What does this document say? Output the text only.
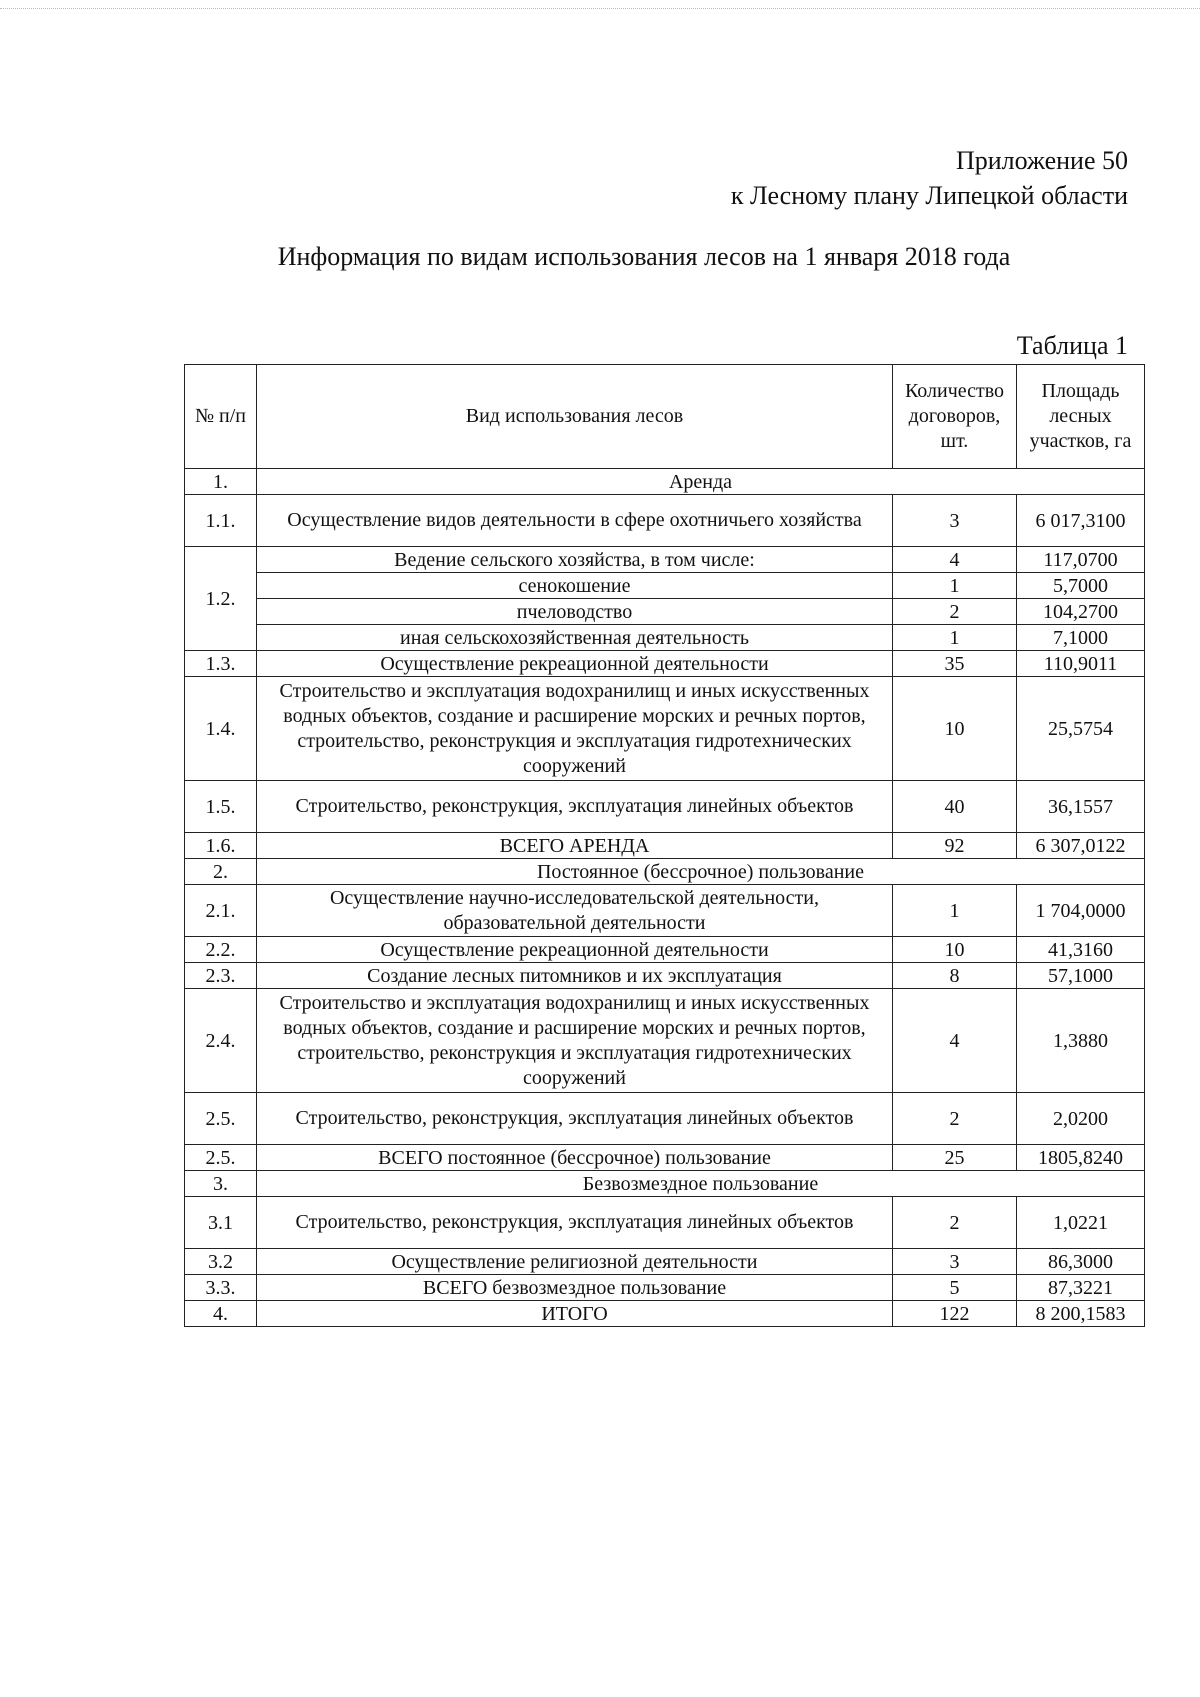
Приложение 50
к Лесному плану Липецкой области
Информация по видам использования лесов на 1 января 2018 года
Таблица 1
№ п/п	Вид использования лесов	Количество договоров, шт.	Площадь лесных участков, га
1.	Аренда		
1.1.	Осуществление видов деятельности в сфере охотничьего хозяйства	3	6 017,3100
1.2.	Ведение сельского хозяйства, в том числе:	4	117,0700
	сенокошение	1	5,7000
	пчеловодство	2	104,2700
	иная сельскохозяйственная деятельность	1	7,1000
1.3.	Осуществление рекреационной деятельности	35	110,9011
1.4.	Строительство и эксплуатация водохранилищ и иных искусственных водных объектов, создание и расширение морских и речных портов, строительство, реконструкция и эксплуатация гидротехнических сооружений	10	25,5754
1.5.	Строительство, реконструкция, эксплуатация линейных объектов	40	36,1557
1.6.	ВСЕГО АРЕНДА	92	6 307,0122
2.	Постоянное (бессрочное) пользование		
2.1.	Осуществление научно-исследовательской деятельности, образовательной деятельности	1	1 704,0000
2.2.	Осуществление рекреационной деятельности	10	41,3160
2.3.	Создание лесных питомников и их эксплуатация	8	57,1000
2.4.	Строительство и эксплуатация водохранилищ и иных искусственных водных объектов, создание и расширение морских и речных портов, строительство, реконструкция и эксплуатация гидротехнических сооружений	4	1,3880
2.5.	Строительство, реконструкция, эксплуатация линейных объектов	2	2,0200
2.5.	ВСЕГО постоянное (бессрочное) пользование	25	1805,8240
3.	Безвозмездное пользование		
3.1	Строительство, реконструкция, эксплуатация линейных объектов	2	1,0221
3.2	Осуществление религиозной деятельности	3	86,3000
3.3.	ВСЕГО безвозмездное пользование	5	87,3221
4.	ИТОГО	122	8 200,1583
